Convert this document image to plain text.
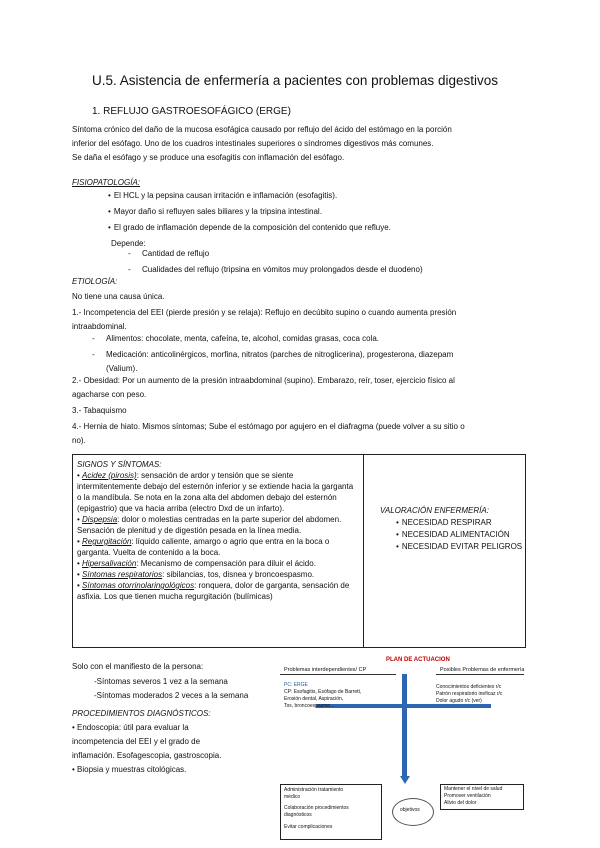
U.5. Asistencia de enfermería a pacientes con problemas digestivos
1. REFLUJO GASTROESOFÁGICO (ERGE)
Síntoma crónico del daño de la mucosa esofágica causado por reflujo del ácido del estómago en la porción
inferior del esófago. Uno de los cuadros intestinales superiores o síndromes digestivos más comunes.
Se daña el esófago y se produce una esofagitis con inflamación del esófago.
FISIOPATOLOGÍA:
• El HCL y la pepsina causan irritación e inflamación (esofagitis).
• Mayor daño si refluyen sales biliares y la tripsina intestinal.
• El grado de inflamación depende de la composición del contenido que refluye.
Depende:
- Cantidad de reflujo
- Cualidades del reflujo (tripsina en vómitos muy prolongados desde el duodeno)
ETIOLOGÍA:
No tiene una causa única.
1.- Incompetencia del EEI (pierde presión y se relaja): Reflujo en decúbito supino o cuando aumenta presión
intraabdominal.
- Alimentos: chocolate, menta, cafeína, te, alcohol, comidas grasas, coca cola.
- Medicación: anticolinérgicos, morfina, nitratos (parches de nitroglicerina), progesterona, diazepam
(Valium).
2.- Obesidad: Por un aumento de la presión intraabdominal (supino). Embarazo, reír, toser, ejercicio físico al
agacharse con peso.
3.- Tabaquismo
4.- Hernia de hiato. Mismos síntomas; Sube el estómago por agujero en el diafragma (puede volver a su sitio o
no).
SIGNOS Y SÍNTOMAS:
• Acidez (pirosis): sensación de ardor y tensión que se siente intermitentemente debajo del esternón inferior y se extiende hacia la garganta o la mandíbula. Se nota en la zona alta del abdomen debajo del esternón (epigastrio) que va hacia arriba (electro Dxd de un infarto).
• Dispepsia: dolor o molestias centradas en la parte superior del abdomen. Sensación de plenitud y de digestión pesada en la línea media.
• Regurgitación: líquido caliente, amargo o agrio que entra en la boca o garganta. Vuelta de contenido a la boca.
• Hipersalivación: Mecanismo de compensación para diluir el ácido.
• Síntomas respiratorios: sibilancias, tos, disnea y broncoespasmo.
• Síntomas otorrinolaringológicos: ronquera, dolor de garganta, sensación de asfixia. Los que tienen mucha regurgitación (bulímicas)
VALORACIÓN ENFERMERÍA:
• NECESIDAD RESPIRAR
• NECESIDAD ALIMENTACIÓN
• NECESIDAD EVITAR PELIGROS
Solo con el manifiesto de la persona:
-Síntomas severos 1 vez a la semana
-Síntomas moderados 2 veces a la semana
PROCEDIMIENTOS DIAGNÓSTICOS:
• Endoscopia: útil para evaluar la
incompetencia del EEI y el grado de
inflamación. Esofagescopia, gastroscopia.
• Biopsia y muestras citológicas.
PLAN DE ACTUACION
Problemas interdependientes/ CP	Posibles Problemas de enfermería
PC: ERGE
CP: Esofagitis, Esófago de Barrett,
Erosión dental, Aspiración,
Tos, broncoespasmo...
Conocimientos deficientes r/c
Patrón respiratorio ineficaz r/c
Dolor agudo r/c (ver)
Administración tratamiento
médico
Colaboración procedimientos
diagnósticos
Evitar complicaciones
objetivos
Mantener el nivel de salud
Promover ventilación
Alivio del dolor
